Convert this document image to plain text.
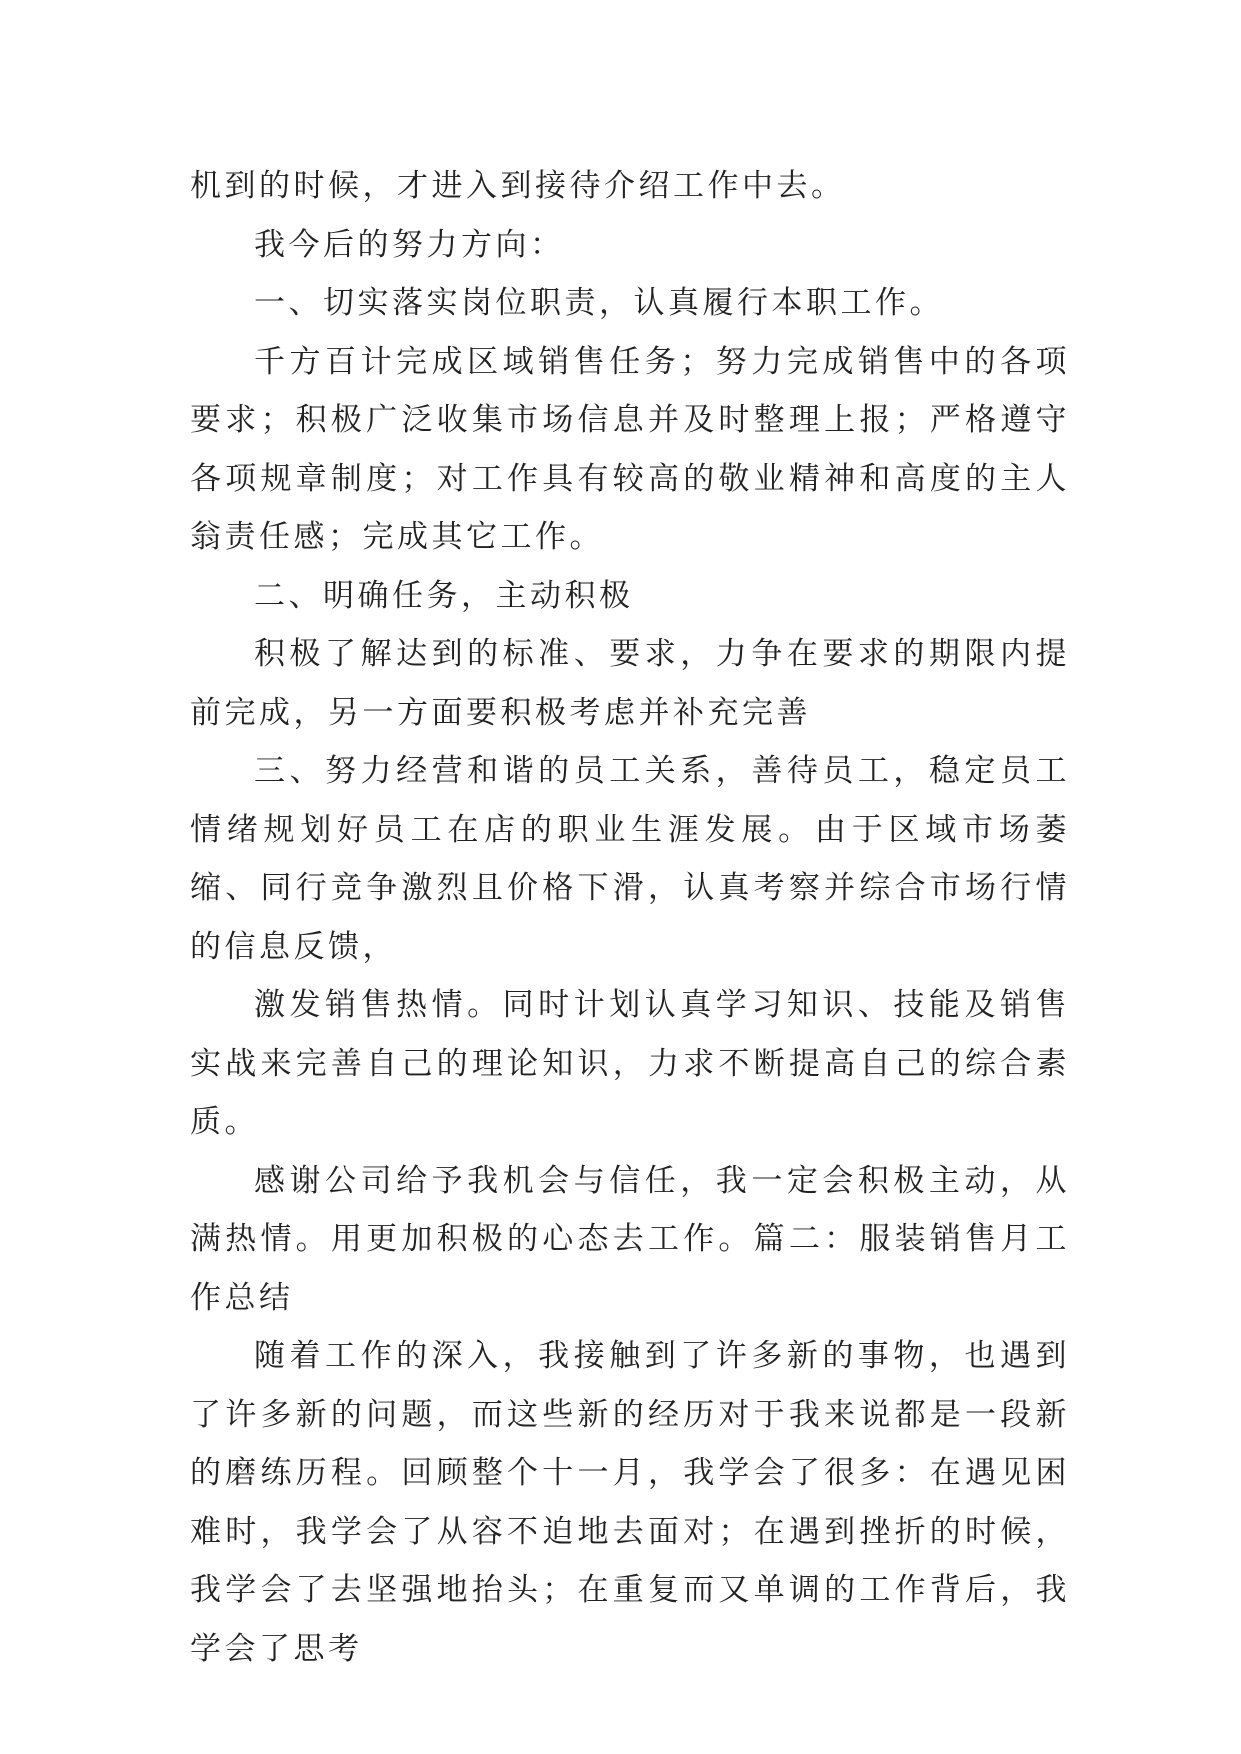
机到的时候，才进入到接待介绍工作中去。

我今后的努力方向：

一、切实落实岗位职责，认真履行本职工作。

千方百计完成区域销售任务；努力完成销售中的各项要求；积极广泛收集市场信息并及时整理上报；严格遵守各项规章制度；对工作具有较高的敬业精神和高度的主人翁责任感；完成其它工作。

二、明确任务，主动积极

积极了解达到的标准、要求，力争在要求的期限内提前完成，另一方面要积极考虑并补充完善

三、努力经营和谐的员工关系，善待员工，稳定员工情绪规划好员工在店的职业生涯发展。由于区域市场萎缩、同行竞争激烈且价格下滑，认真考察并综合市场行情的信息反馈，

激发销售热情。同时计划认真学习知识、技能及销售实战来完善自己的理论知识，力求不断提高自己的综合素质。

感谢公司给予我机会与信任，我一定会积极主动，从满热情。用更加积极的心态去工作。篇二：服装销售月工作总结

随着工作的深入，我接触到了许多新的事物，也遇到了许多新的问题，而这些新的经历对于我来说都是一段新的磨练历程。回顾整个十一月，我学会了很多：在遇见困难时，我学会了从容不迫地去面对；在遇到挫折的时候，我学会了去坚强地抬头；在重复而又单调的工作背后，我学会了思考
